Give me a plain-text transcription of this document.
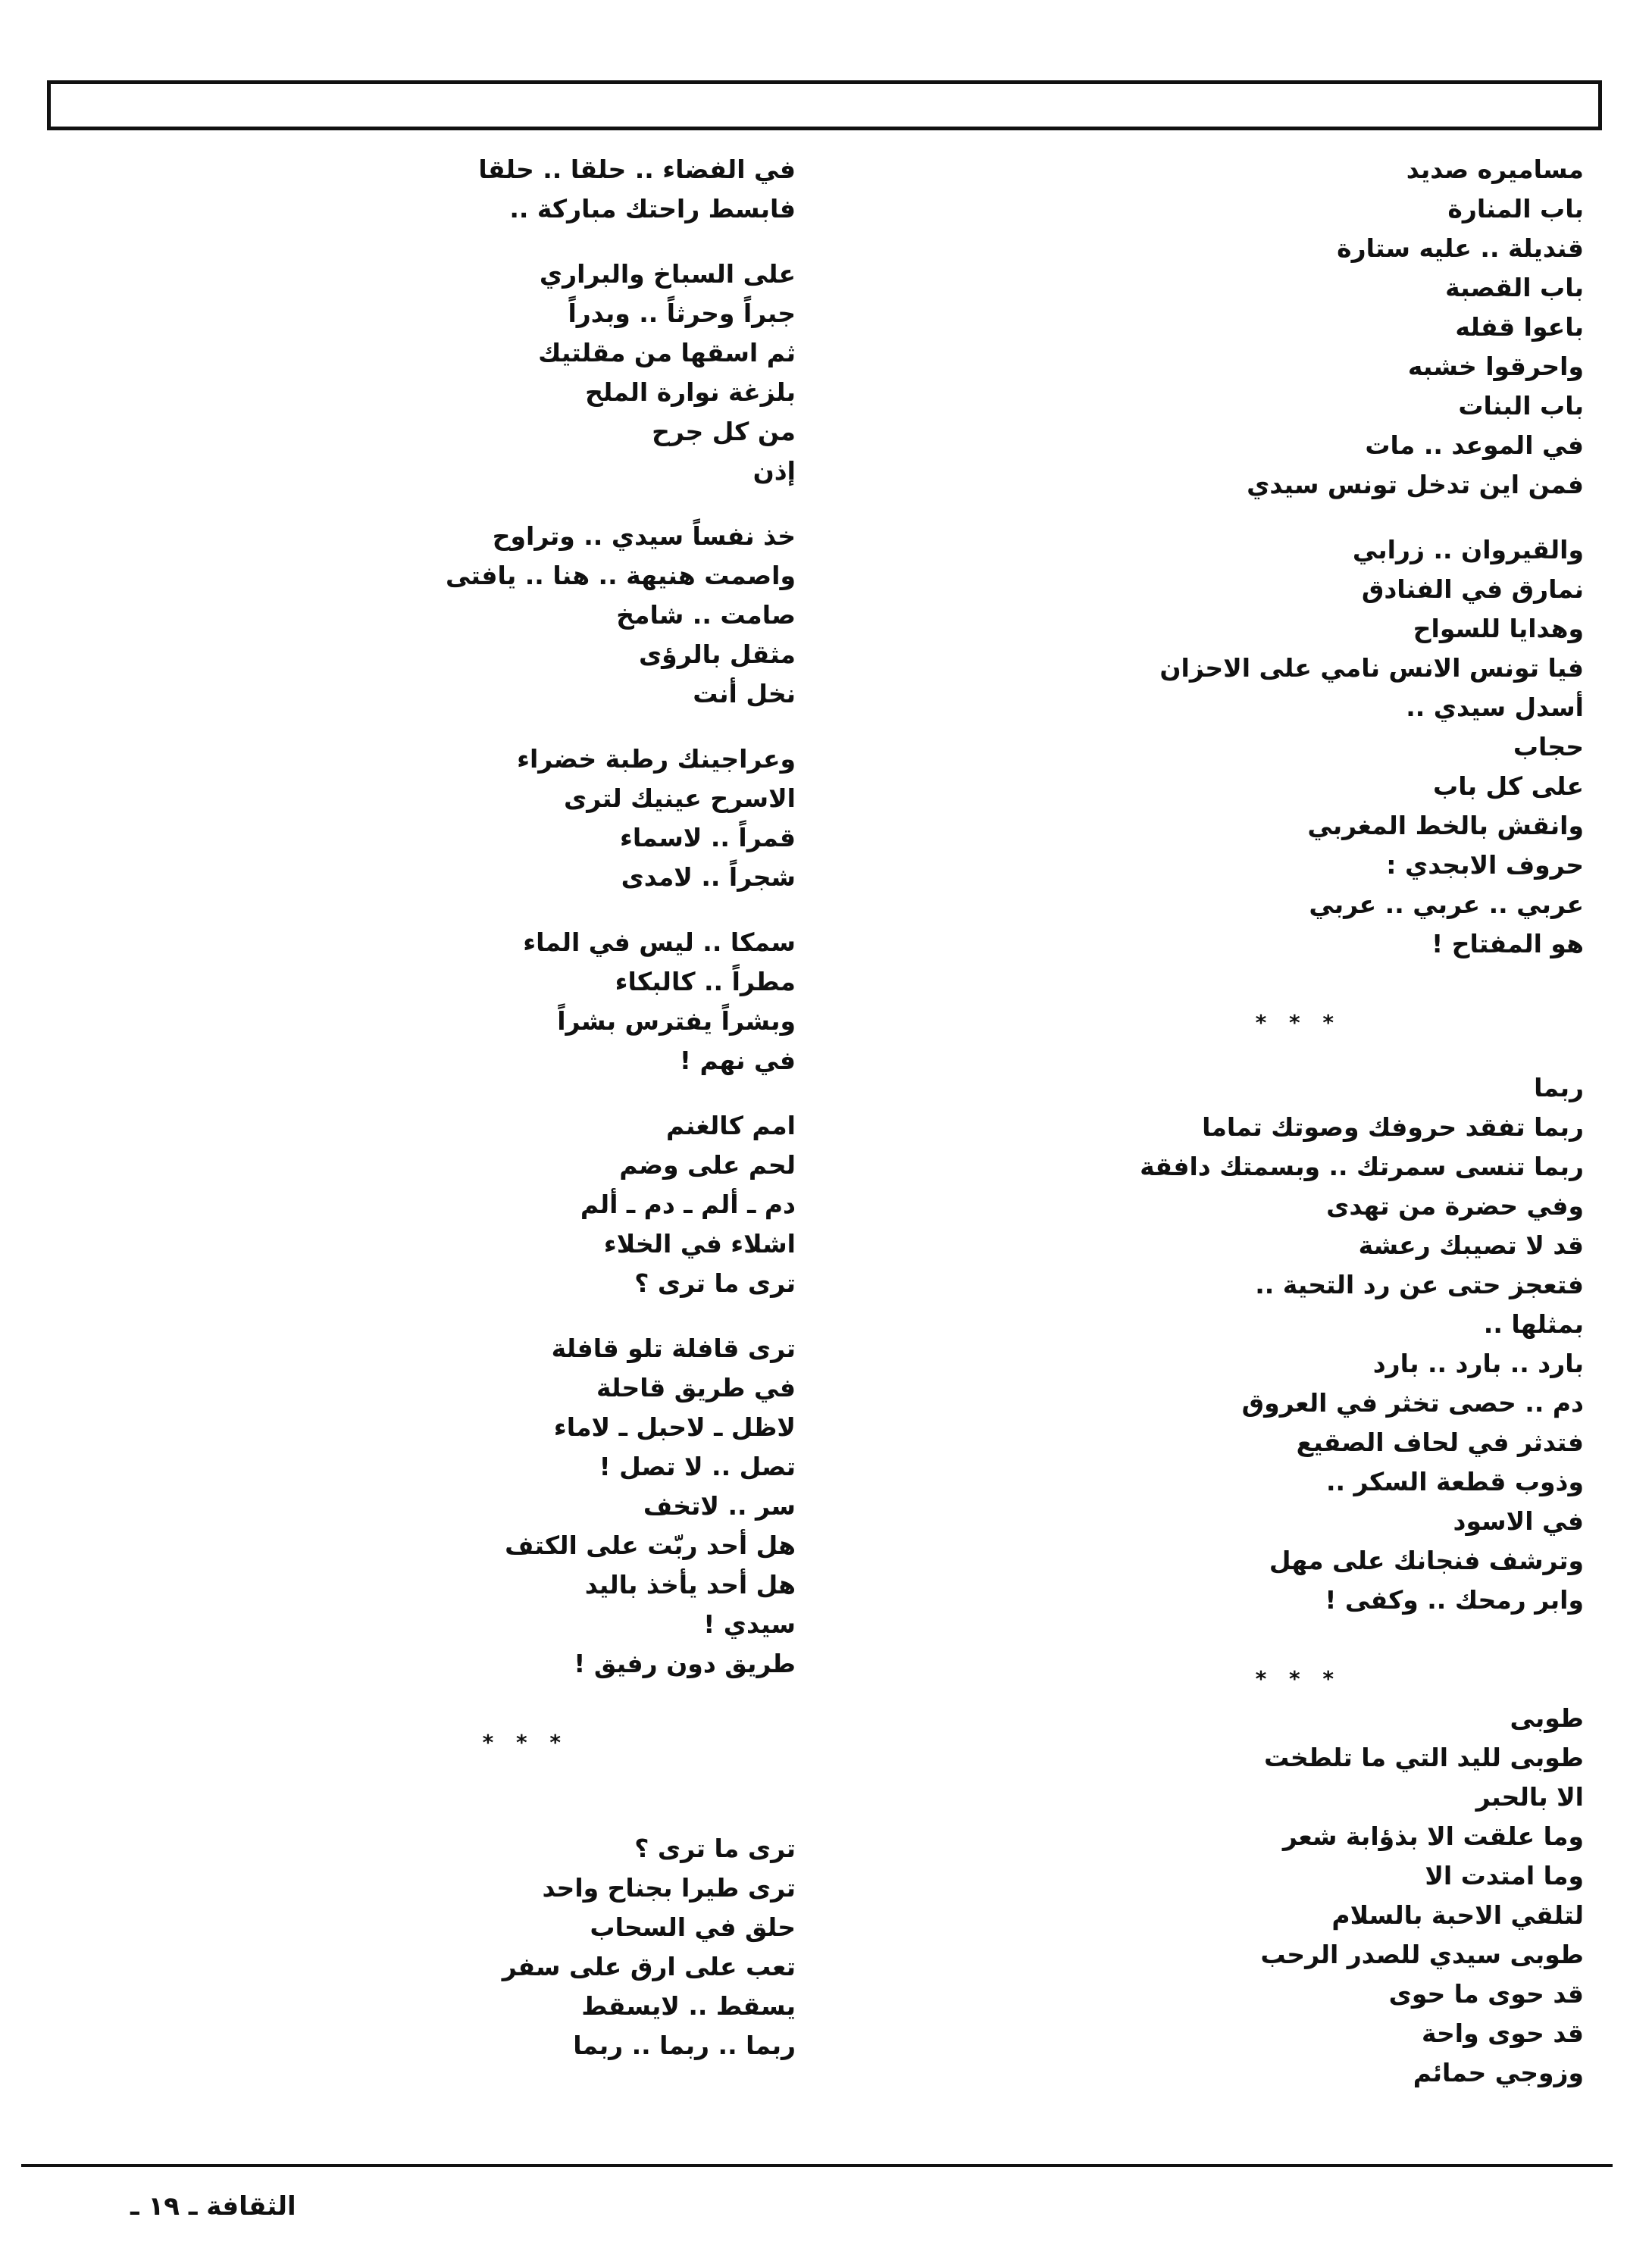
مساميره صديد
باب المنارة
قنديلة .. عليه ستارة
باب القصبة
باعوا قفله
واحرقوا خشبه
باب البنات
في الموعد .. مات
فمن اين تدخل تونس سيدي
والقيروان .. زرابي
نمارق في الفنادق
وهدايا للسواح
فيا تونس الانس نامي على الاحزان
أسدل سيدي ..
حجاب
على كل باب
وانقش بالخط المغربي
حروف الابجدي :
عربي .. عربي .. عربي
هو المفتاح !
* * *
ربما
ربما تفقد حروفك وصوتك تماما
ربما تنسى سمرتك .. وبسمتك دافقة
وفي حضرة من تهدى
قد لا تصيبك رعشة
فتعجز حتى عن رد التحية ..
بمثلها ..
بارد .. بارد .. بارد
دم .. حصى تخثر في العروق
فتدثر في لحاف الصقيع
وذوب قطعة السكر ..
في الاسود
وترشف فنجانك على مهل
وابر رمحك .. وكفى !
* * *
طوبى
طوبى لليد التي ما تلطخت
الا بالحبر
وما علقت الا بذؤابة شعر
وما امتدت الا
لتلقي الاحبة بالسلام
طوبى سيدي للصدر الرحب
قد حوى ما حوى
قد حوى واحة
وزوجي حمائم
في الفضاء .. حلقا .. حلقا
فابسط راحتك مباركة ..
على السباخ والبراري
جبراً وحرثاً .. وبدراً
ثم اسقها من مقلتيك
بلزغة نوارة الملح
من كل جرح
إذن
خذ نفساً سيدي .. وتراوح
واصمت هنيهة .. هنا .. يافتى
صامت .. شامخ
مثقل بالرؤى
نخل أنت
وعراجينك رطبة خضراء
الاسرح عينيك لترى
قمراً .. لاسماء
شجراً .. لامدى
سمكا .. ليس في الماء
مطراً .. كالبكاء
وبشراً يفترس بشراً
في نهم !
امم كالغنم
لحم على وضم
دم ـ ألم ـ دم ـ ألم
اشلاء في الخلاء
ترى ما ترى ؟
ترى قافلة تلو قافلة
في طريق قاحلة
لاظل ـ لاحبل ـ لاماء
تصل .. لا تصل !
سر .. لاتخف
هل أحد ربّت على الكتف
هل أحد يأخذ باليد
سيدي !
طريق دون رفيق !
* * *
ترى ما ترى ؟
ترى طيرا بجناح واحد
حلق في السحاب
تعب على ارق على سفر
يسقط .. لايسقط
ربما .. ربما .. ربما
الثقافة ـ ١٩ ـ
